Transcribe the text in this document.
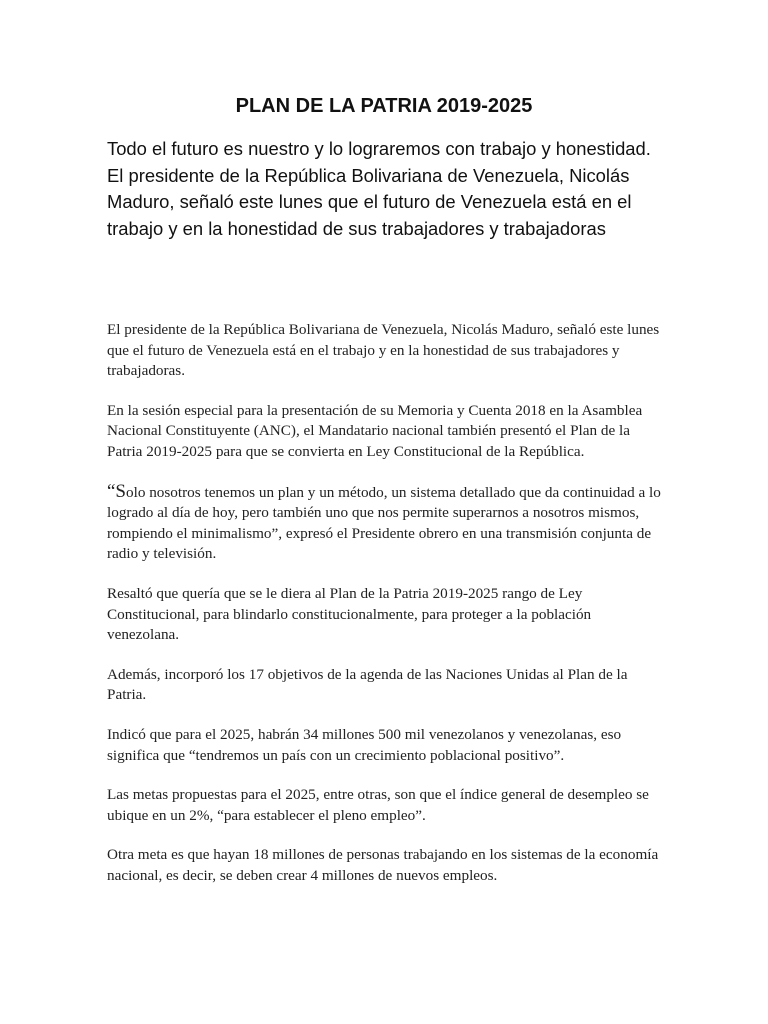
PLAN DE LA PATRIA 2019-2025

Todo el futuro es nuestro y lo lograremos con trabajo y honestidad. El presidente de la República Bolivariana de Venezuela, Nicolás Maduro, señaló este lunes que el futuro de Venezuela está en el trabajo y en la honestidad de sus trabajadores y trabajadoras

El presidente de la República Bolivariana de Venezuela, Nicolás Maduro, señaló este lunes que el futuro de Venezuela está en el trabajo y en la honestidad de sus trabajadores y trabajadoras.

En la sesión especial para la presentación de su Memoria y Cuenta 2018 en la Asamblea Nacional Constituyente (ANC), el Mandatario nacional también presentó el Plan de la Patria 2019-2025 para que se convierta en Ley Constitucional de la República.

“Solo nosotros tenemos un plan y un método, un sistema detallado que da continuidad a lo logrado al día de hoy, pero también uno que nos permite superarnos a nosotros mismos, rompiendo el minimalismo”, expresó el Presidente obrero en una transmisión conjunta de radio y televisión.

Resaltó que quería que se le diera al Plan de la Patria 2019-2025 rango de Ley Constitucional, para blindarlo constitucionalmente, para proteger a la población venezolana.

Además, incorporó los 17 objetivos de la agenda de las Naciones Unidas al Plan de la Patria.

Indicó que para el 2025, habrán 34 millones 500 mil venezolanos y venezolanas, eso significa que “tendremos un país con un crecimiento poblacional positivo”.

Las metas propuestas para el 2025, entre otras, son que el índice general de desempleo se ubique en un 2%, “para establecer el pleno empleo”.

Otra meta es que hayan 18 millones de personas trabajando en los sistemas de la economía nacional, es decir, se deben crear 4 millones de nuevos empleos.
